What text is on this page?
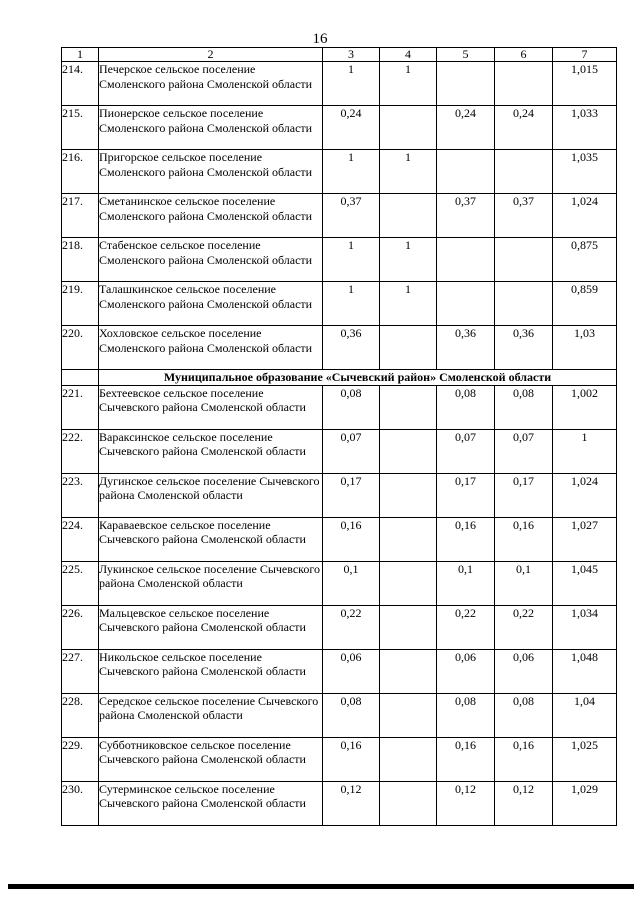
16
1	2	3	4	5	6	7
214.	Печерское сельское поселение Смоленского района Смоленской области	1	1			1,015
215.	Пионерское сельское поселение Смоленского района Смоленской области	0,24		0,24	0,24	1,033
216.	Пригорское сельское поселение Смоленского района Смоленской области	1	1			1,035
217.	Сметанинское сельское поселение Смоленского района Смоленской области	0,37		0,37	0,37	1,024
218.	Стабенское сельское поселение Смоленского района Смоленской области	1	1			0,875
219.	Талашкинское сельское поселение Смоленского района Смоленской области	1	1			0,859
220.	Хохловское сельское поселение Смоленского района Смоленской области	0,36		0,36	0,36	1,03
	Муниципальное образование «Сычевский район» Смоленской области					
221.	Бехтеевское сельское поселение Сычевского района Смоленской области	0,08		0,08	0,08	1,002
222.	Вараксинское сельское поселение Сычевского района Смоленской области	0,07		0,07	0,07	1
223.	Дугинское сельское поселение Сычевского района Смоленской области	0,17		0,17	0,17	1,024
224.	Караваевское сельское поселение Сычевского района Смоленской области	0,16		0,16	0,16	1,027
225.	Лукинское сельское поселение Сычевского района Смоленской области	0,1		0,1	0,1	1,045
226.	Мальцевское сельское поселение Сычевского района Смоленской области	0,22		0,22	0,22	1,034
227.	Никольское сельское поселение Сычевского района Смоленской области	0,06		0,06	0,06	1,048
228.	Середское сельское поселение Сычевского района Смоленской области	0,08		0,08	0,08	1,04
229.	Субботниковское сельское поселение Сычевского района Смоленской области	0,16		0,16	0,16	1,025
230.	Сутерминское сельское поселение Сычевского района Смоленской области	0,12		0,12	0,12	1,029
